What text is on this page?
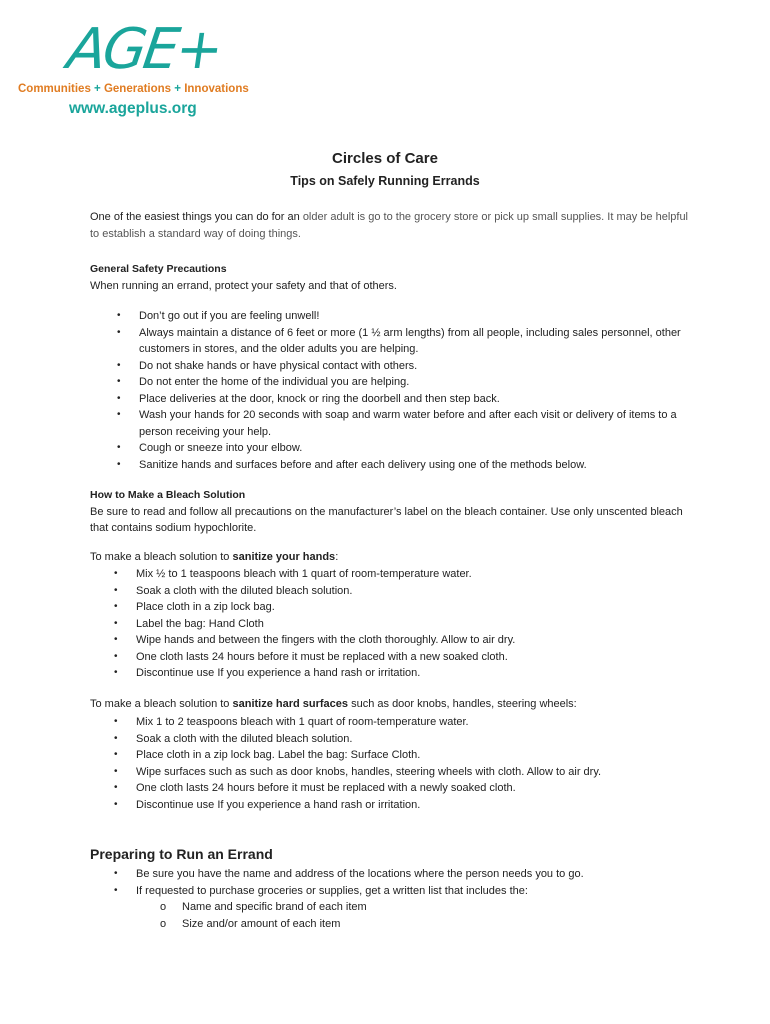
AGE+
Communities + Generations + Innovations
www.ageplus.org
Circles of Care
Tips on Safely Running Errands
One of the easiest things you can do for an older adult is go to the grocery store or pick up small supplies. It may be helpful to establish a standard way of doing things.
General Safety Precautions
When running an errand, protect your safety and that of others.
• Don’t go out if you are feeling unwell!
• Always maintain a distance of 6 feet or more (1 ½ arm lengths) from all people, including sales personnel, other customers in stores, and the older adults you are helping.
• Do not shake hands or have physical contact with others.
• Do not enter the home of the individual you are helping.
• Place deliveries at the door, knock or ring the doorbell and then step back.
• Wash your hands for 20 seconds with soap and warm water before and after each visit or delivery of items to a person receiving your help.
• Cough or sneeze into your elbow.
• Sanitize hands and surfaces before and after each delivery using one of the methods below.
How to Make a Bleach Solution
Be sure to read and follow all precautions on the manufacturer’s label on the bleach container. Use only unscented bleach that contains sodium hypochlorite.
To make a bleach solution to sanitize your hands:
• Mix ½ to 1 teaspoons bleach with 1 quart of room-temperature water.
• Soak a cloth with the diluted bleach solution.
• Place cloth in a zip lock bag.
• Label the bag: Hand Cloth
• Wipe hands and between the fingers with the cloth thoroughly. Allow to air dry.
• One cloth lasts 24 hours before it must be replaced with a new soaked cloth.
• Discontinue use If you experience a hand rash or irritation.
To make a bleach solution to sanitize hard surfaces such as door knobs, handles, steering wheels:
• Mix 1 to 2 teaspoons bleach with 1 quart of room-temperature water.
• Soak a cloth with the diluted bleach solution.
• Place cloth in a zip lock bag. Label the bag: Surface Cloth.
• Wipe surfaces such as such as door knobs, handles, steering wheels with cloth. Allow to air dry.
• One cloth lasts 24 hours before it must be replaced with a newly soaked cloth.
• Discontinue use If you experience a hand rash or irritation.
Preparing to Run an Errand
• Be sure you have the name and address of the locations where the person needs you to go.
• If requested to purchase groceries or supplies, get a written list that includes the:
o Name and specific brand of each item
o Size and/or amount of each item
